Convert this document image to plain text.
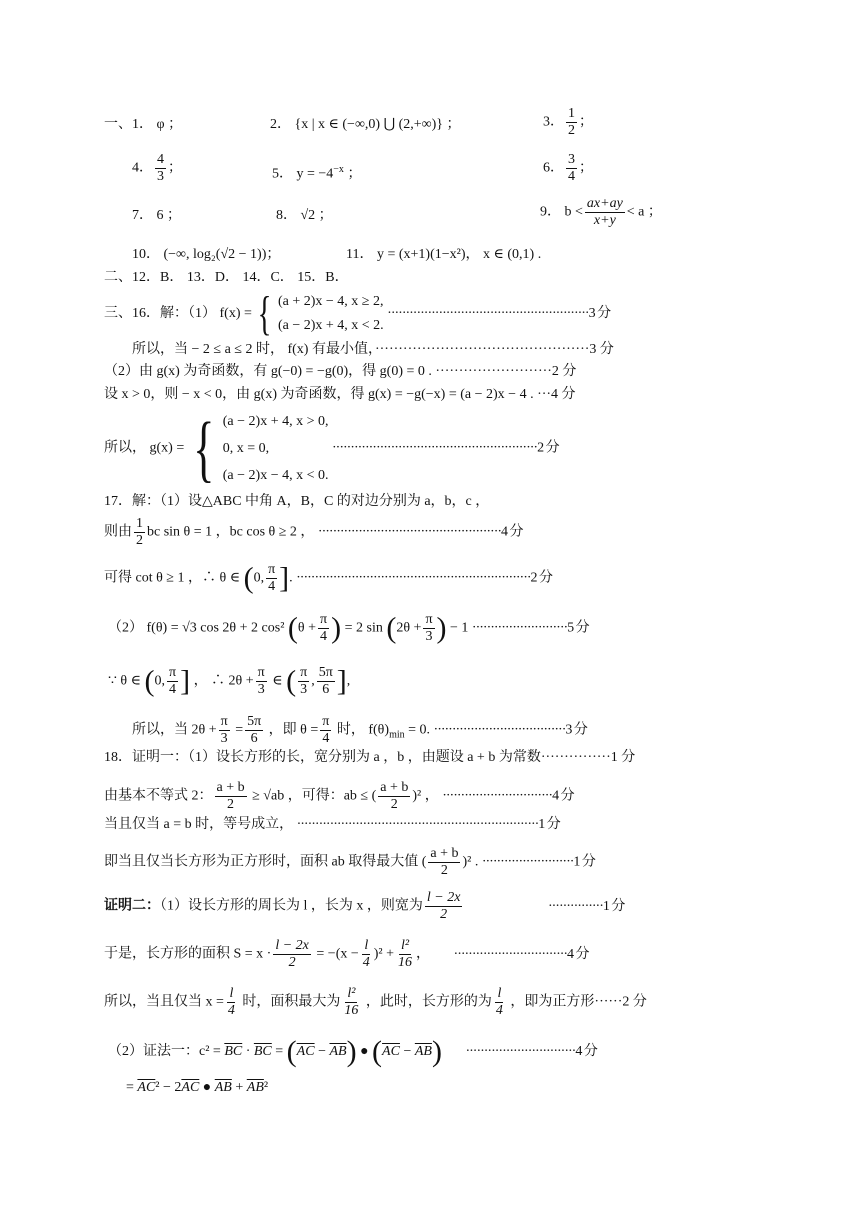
一、1． φ ；	2． {x | x ∈ (−∞,0) ⋃ (2,+∞)} ；	3． $\frac{1}{2}$ ；
4． $\frac{4}{3}$ ；	5． $y = -4^{-x}$ ；	6． $\frac{3}{4}$ ；
7． 6 ；	8． √2 ；	9． $b < \frac{ax+ay}{x+y} < a$ ；
10． (−∞, log₂(√2 − 1))；	11． y = (x+1)(1−x²)， x ∈ (0,1) .
二、12．B． 13．D． 14．C． 15．B．
三、16．解：（1） f(x) = { (a + 2)x − 4, x ≥ 2,
(a − 2)x + 4, x < 2.
·······················································3 分
所以，当 − 2 ≤ a ≤ 2 时， f(x) 有最小值，··············································3 分
（2）由 g(x) 为奇函数，有 g(−0) = −g(0)，得 g(0) = 0 . ·························2 分
设 x > 0，则 − x < 0，由 g(x) 为奇函数，得 g(x) = −g(−x) = (a − 2)x − 4 . ···4 分
所以， g(x) = { (a − 2)x + 4, x > 0,
0, x = 0,
(a − 2)x − 4, x < 0.
························································2 分
17．解：（1）设△ABC 中角 A，B，C 的对边分别为 a，b，c ，
则由 $\frac{1}{2}$ bc sin θ = 1 ，bc cos θ ≥ 2 ， ··················································4 分
可得 cot θ ≥ 1 ，∴ θ ∈ (0, $\frac{\pi}{4}$ ]. ································································2 分
（2） f(θ) = √3 cos 2θ + 2 cos² ($\theta + \frac{\pi}{4}$ ) = 2 $\sin (2\theta + \frac{\pi}{3}$ ) − 1 ··························5 分
∵ θ ∈ (0, $\frac{\pi}{4}$ ] ， ∴ $2\theta + \frac{\pi}{3}$ ∈ ( $\frac{\pi}{3}$ , $\frac{5\pi}{6}$ ],
所以，当 $2\theta + \frac{\pi}{3} = \frac{5\pi}{6}$ ，即 $\theta = \frac{\pi}{4}$ 时， $f(\theta)_{min} = 0$. ····································3 分
18．证明一：（1）设长方形的长，宽分别为 a ，b ，由题设 a + b 为常数···············1 分
由基本不等式 2： $\frac{a + b}{2} \ge √ab$ ，可得：ab ≤ ( $\frac{a + b}{2} )^2$ ， ······························4 分
当且仅当 a = b 时，等号成立， ··································································1 分
即当且仅当长方形为正方形时，面积 ab 取得最大值 ( $\frac{a + b}{2} )^2$ . ·························1 分
证明二：（1）设长方形的周长为 l ，长为 x ，则宽为 $\frac{l - 2x}{2}$	···············1 分
于是，长方形的面积 $S = x \cdot \frac{l - 2x}{2} = -(x - \frac{l}{4} )^2 + \frac{\text{l²}}{16}$ ， ·······························4 分
所以，当且仅当 $x = \frac{l}{4}$ 时，面积最大为 $\frac{\text{l²}}{16}$ ，此时，长方形的为 $\frac{l}{4}$ ，即为正方形······2 分
（2）证法一：$c^2 = \overline{BC} \cdot \overline{BC} = (\overline{AC} - \overline{AB})$ ● $(\overline{AC} - \overline{AB}) \cdot\cdot\cdot\cdot\cdot\cdot\cdot\cdot\cdot\cdot\cdot\cdot\cdot\cdot\cdot\cdot\cdot\cdot\cdot\cdot\cdot\cdot\cdot\cdot\cdot\cdot\cdot\cdot\cdot\cdot 4$ 分
= $\overline{AC}^2 - 2\overline{AC}$ ● $\overline{AB} + \overline{AB}^2$
